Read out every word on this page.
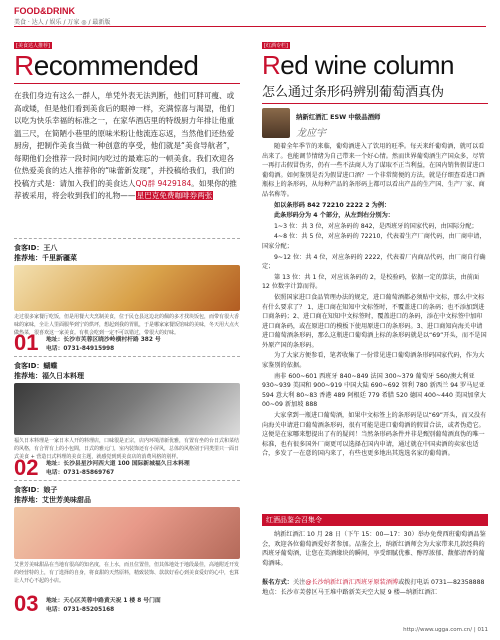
FOOD&DRINK
美食 · 达人 / 娱乐 / 万家 ◎ / 最新版
[美食达人推荐]
Recommended
在我们身边有这么一群人，单凭外表无法判断，他们可胖可瘦、或高或矮，但是他们看到美食后的眼神一样，充满惊喜与渴望，他们以吃为快乐幸福的标准之一，在家华酒店里的特级厨力年排让他重温三尺，在简陋小巷里的原味米粉让他流连忘返，当然他们还热爱厨房，把制作美食当做一种创意的享受，他们就是“美食导航者”，每期他们会推荐一段时间内吃过的最难忘的一顿美食。我们欢迎各位热爱美食的达人推荐你的“味蕾新发现”，并投稿给我们，我们的投稿方式是：请加入我们的美食达人QQ群 9429184。如果你的推荐被采用，将会收到我们的礼物——星巴克免费咖啡券两张
食客ID：王八
推荐地：千里新疆菜
走过很多家餐厅吃饭，但是用餐大夫烹制美食，位于民仓县这边北的佩的多才找块饭包，而带有很大香味的家味，全让人里面服华到宁的烘坪，想起到我的胃肌，于是哪家家餐饭馆味的美味，冬天用大点火做热菜，很喜欢这一家美食。有机会吃到一定不可以错过，带很大的好味。
01 地址：长沙市芙蓉区晓沙岭横村杆路 382 号
电话：0731-84915998
食客ID：蝴蝶
推荐地：福久日本料理
福久日本料理是一家日本人开的料理店，口味很是正宗，店内环境清新优雅，有置有坐的台日式和菜结的风格，有合胃有上的小包間，日式的雅元门，室内装饰还有小屏风，总体的风格别于同类里只一面日式美食 + 营造日式料理的美食主题，就感觉到到美食店的消费风格的别样。
02 地址：长沙县星沙河西大道 100 国际新城福久日本料理
电话：0731-85869767
食客ID：娘子
推荐地：艾世芳美味甜品
艾世芳美味甜品在当地有很高的知名度，在上水，而且位置佳，但其体地处于地段最佳，高地附近开发的经营特的上，有了选择的自身，将食甜的天然原料，精致装饰、款款好看心到美食爱好的心中，也算让人开心不起的小店。
03 地址：天心区芙蓉中路黄天祝 1 楼 8 号门面
电话：0731-85205168
[红酒专栏]
Red wine column
怎么通过条形码辨别葡萄酒真伪
纳新红酒汇 ESW 中级品酒师
龙应宇

随着全年季节的来临，葡萄酒进入了饮用的旺季。每天来纤葡萄酒，就可以看出来了。也能调节情绪为自己带来一个好心情。然而世界葡萄酒生产国众多，尽管一再打击假冒伪劣，仍有一些不法商人为了谋取不正当利益，在国内销售假冒进口葡萄酒。如何鉴别是否为假冒进口酒？一个非常简便的方法，就是仔细查看进口酒瓶标上的条形码，从每种产品的条形码上都可以看出产品的生产国、生产厂家、商品名称等。

如以条形码 842 72210 2222 2 为例：

此条形码分为 4 个部分，从左到右分别为：

1~3 位：共 3 位，对应条码的 842，是西班牙的国家代码，由国际分配；

4~8 位：共 5 位，对应条码的 72210，代表着生产厂商代码，由厂商申请，国家分配；

9~12 位：共 4 位，对应条码的 2222，代表着厂内商品代码，由厂商自行确定；

第 13 位：共 1 位，对应该条码的 2，是校验码，依据一定的算法，由前面 12 位数字计算而得。

依照国家进口食品管理办法的规定，进口葡萄酒都必须贴中文标，那么中文标有什么要求了？ 1、进口商在知知中文标签时，不覆盖进口的条码；也不添加到进口商条码；2、进口商在知知中文标签时，覆盖进口的条码，添在中文标签中加印进口商条码，或在原进口的模板下使用原进口的条形码。3、进口商知向海关申请进口葡萄酒条形码，那么这瓶进口葡萄酒上标的条形码就是以“69”开头，而不是国外原产国的条形码。

为了大家方便参看，笔者收集了一份常见进口葡萄酒条形码国家代码，作为大家鉴别的依据。

南非 600~601 西班牙 840~849 法国 300~379 葡萄牙 560/澳大利亚 930~939 美国和 900~919 中国大陆 690~692 智利 780 新西兰 94 罗马尼亚 594 意大利 80~83 香港 489 阿根廷 779 希腊 520 德国 400~440 美国加拿大 00~09 新加坡 888

大家拿到一瓶进口葡萄酒，如果中文标签上的条形码是以“69”开头，而又没有向海关申请进口葡萄酒条形码，很有可能是进口葡萄酒的假冒合法，或者伪造它。这便是在家哪来想提出了有的疑问！当然条形码条件并非是甄别葡萄酒真伪的唯一标准，也有很多国外厂商更可以选择在国内申请，通过就在中国卖酒的卖家也适合，多发了一在意的国内来了，有些也更多地出其选选名家的葡萄酒。

红酒品鉴会召集令

纳新红酒汇 10 月 28 日（下午 15：00—17：30）举办免费西班葡萄酒品鉴会，欢迎各位葡萄酒爱好者参加。品鉴会上，纳新红酒师会为大家带来几款经典的西班牙葡萄酒，让您在美酒缘块的瞬间，享受细腻优雅、醇厚浓郁、馥郁清香的葡萄酒味。

报名方式：关注@长沙纳新红酒汇西班牙原装酒博或拨打电话 0731—82358888
地点：长沙市芙蓉区马王堆中路新芙天空大厦 9 楼—纳新红酒汇
http://www.ugga.com.cn/ | 011
